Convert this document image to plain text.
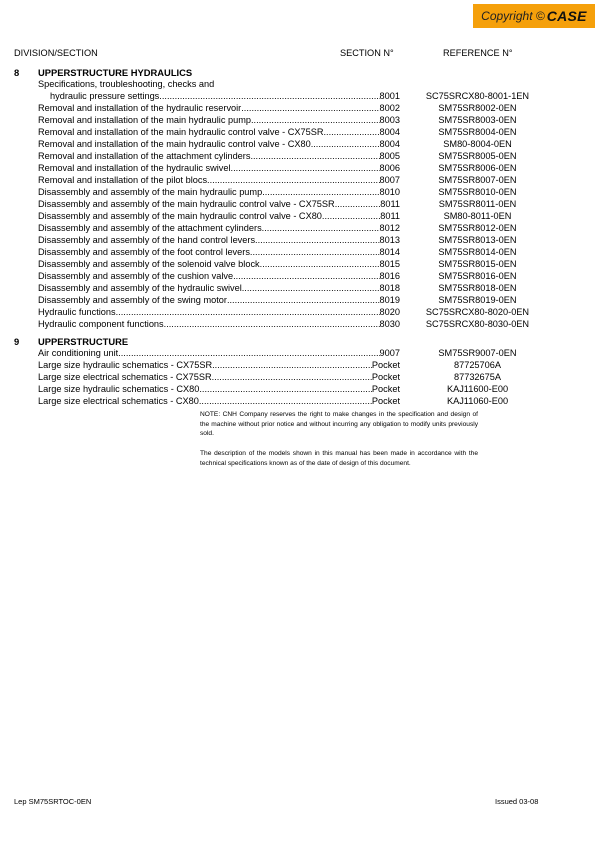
Copyright © CASE
DIVISION/SECTION	SECTION N°	REFERENCE N°
8 UPPERSTRUCTURE HYDRAULICS
Specifications, troubleshooting, checks and
hydraulic pressure settings .....	8001	SC75SRCX80-8001-1EN
Removal and installation of the hydraulic reservoir .....	8002	SM75SR8002-0EN
Removal and installation of the main hydraulic pump .....	8003	SM75SR8003-0EN
Removal and installation of the main hydraulic control valve - CX75SR .....	8004	SM75SR8004-0EN
Removal and installation of the main hydraulic control valve - CX80 .....	8004	SM80-8004-0EN
Removal and installation of the attachment cylinders .....	8005	SM75SR8005-0EN
Removal and installation of the hydraulic swivel .....	8006	SM75SR8006-0EN
Removal and installation of the pilot blocs .....	8007	SM75SR8007-0EN
Disassembly and assembly of the main hydraulic pump .....	8010	SM75SR8010-0EN
Disassembly and assembly of the main hydraulic control valve - CX75SR .....	8011	SM75SR8011-0EN
Disassembly and assembly of the main hydraulic control valve - CX80 .....	8011	SM80-8011-0EN
Disassembly and assembly of the attachment cylinders .....	8012	SM75SR8012-0EN
Disassembly and assembly of the hand control levers .....	8013	SM75SR8013-0EN
Disassembly and assembly of the foot control levers .....	8014	SM75SR8014-0EN
Disassembly and assembly of the solenoid valve block .....	8015	SM75SR8015-0EN
Disassembly and assembly of the cushion valve .....	8016	SM75SR8016-0EN
Disassembly and assembly of the hydraulic swivel .....	8018	SM75SR8018-0EN
Disassembly and assembly of the swing motor .....	8019	SM75SR8019-0EN
Hydraulic functions .....	8020	SC75SRCX80-8020-0EN
Hydraulic component functions .....	8030	SC75SRCX80-8030-0EN
9 UPPERSTRUCTURE
Air conditioning unit .....	9007	SM75SR9007-0EN
Large size hydraulic schematics - CX75SR .....	Pocket	87725706A
Large size electrical schematics - CX75SR .....	Pocket	87732675A
Large size hydraulic schematics - CX80 .....	Pocket	KAJ11600-E00
Large size electrical schematics - CX80 .....	Pocket	KAJ11060-E00
NOTE: CNH Company reserves the right to make changes in the specification and design of the machine without prior notice and without incurring any obligation to modify units previously sold.
The description of the models shown in this manual has been made in accordance with the technical specifications known as of the date of design of this document.
Lep SM75SRTOC-0EN	Issued 03-08
